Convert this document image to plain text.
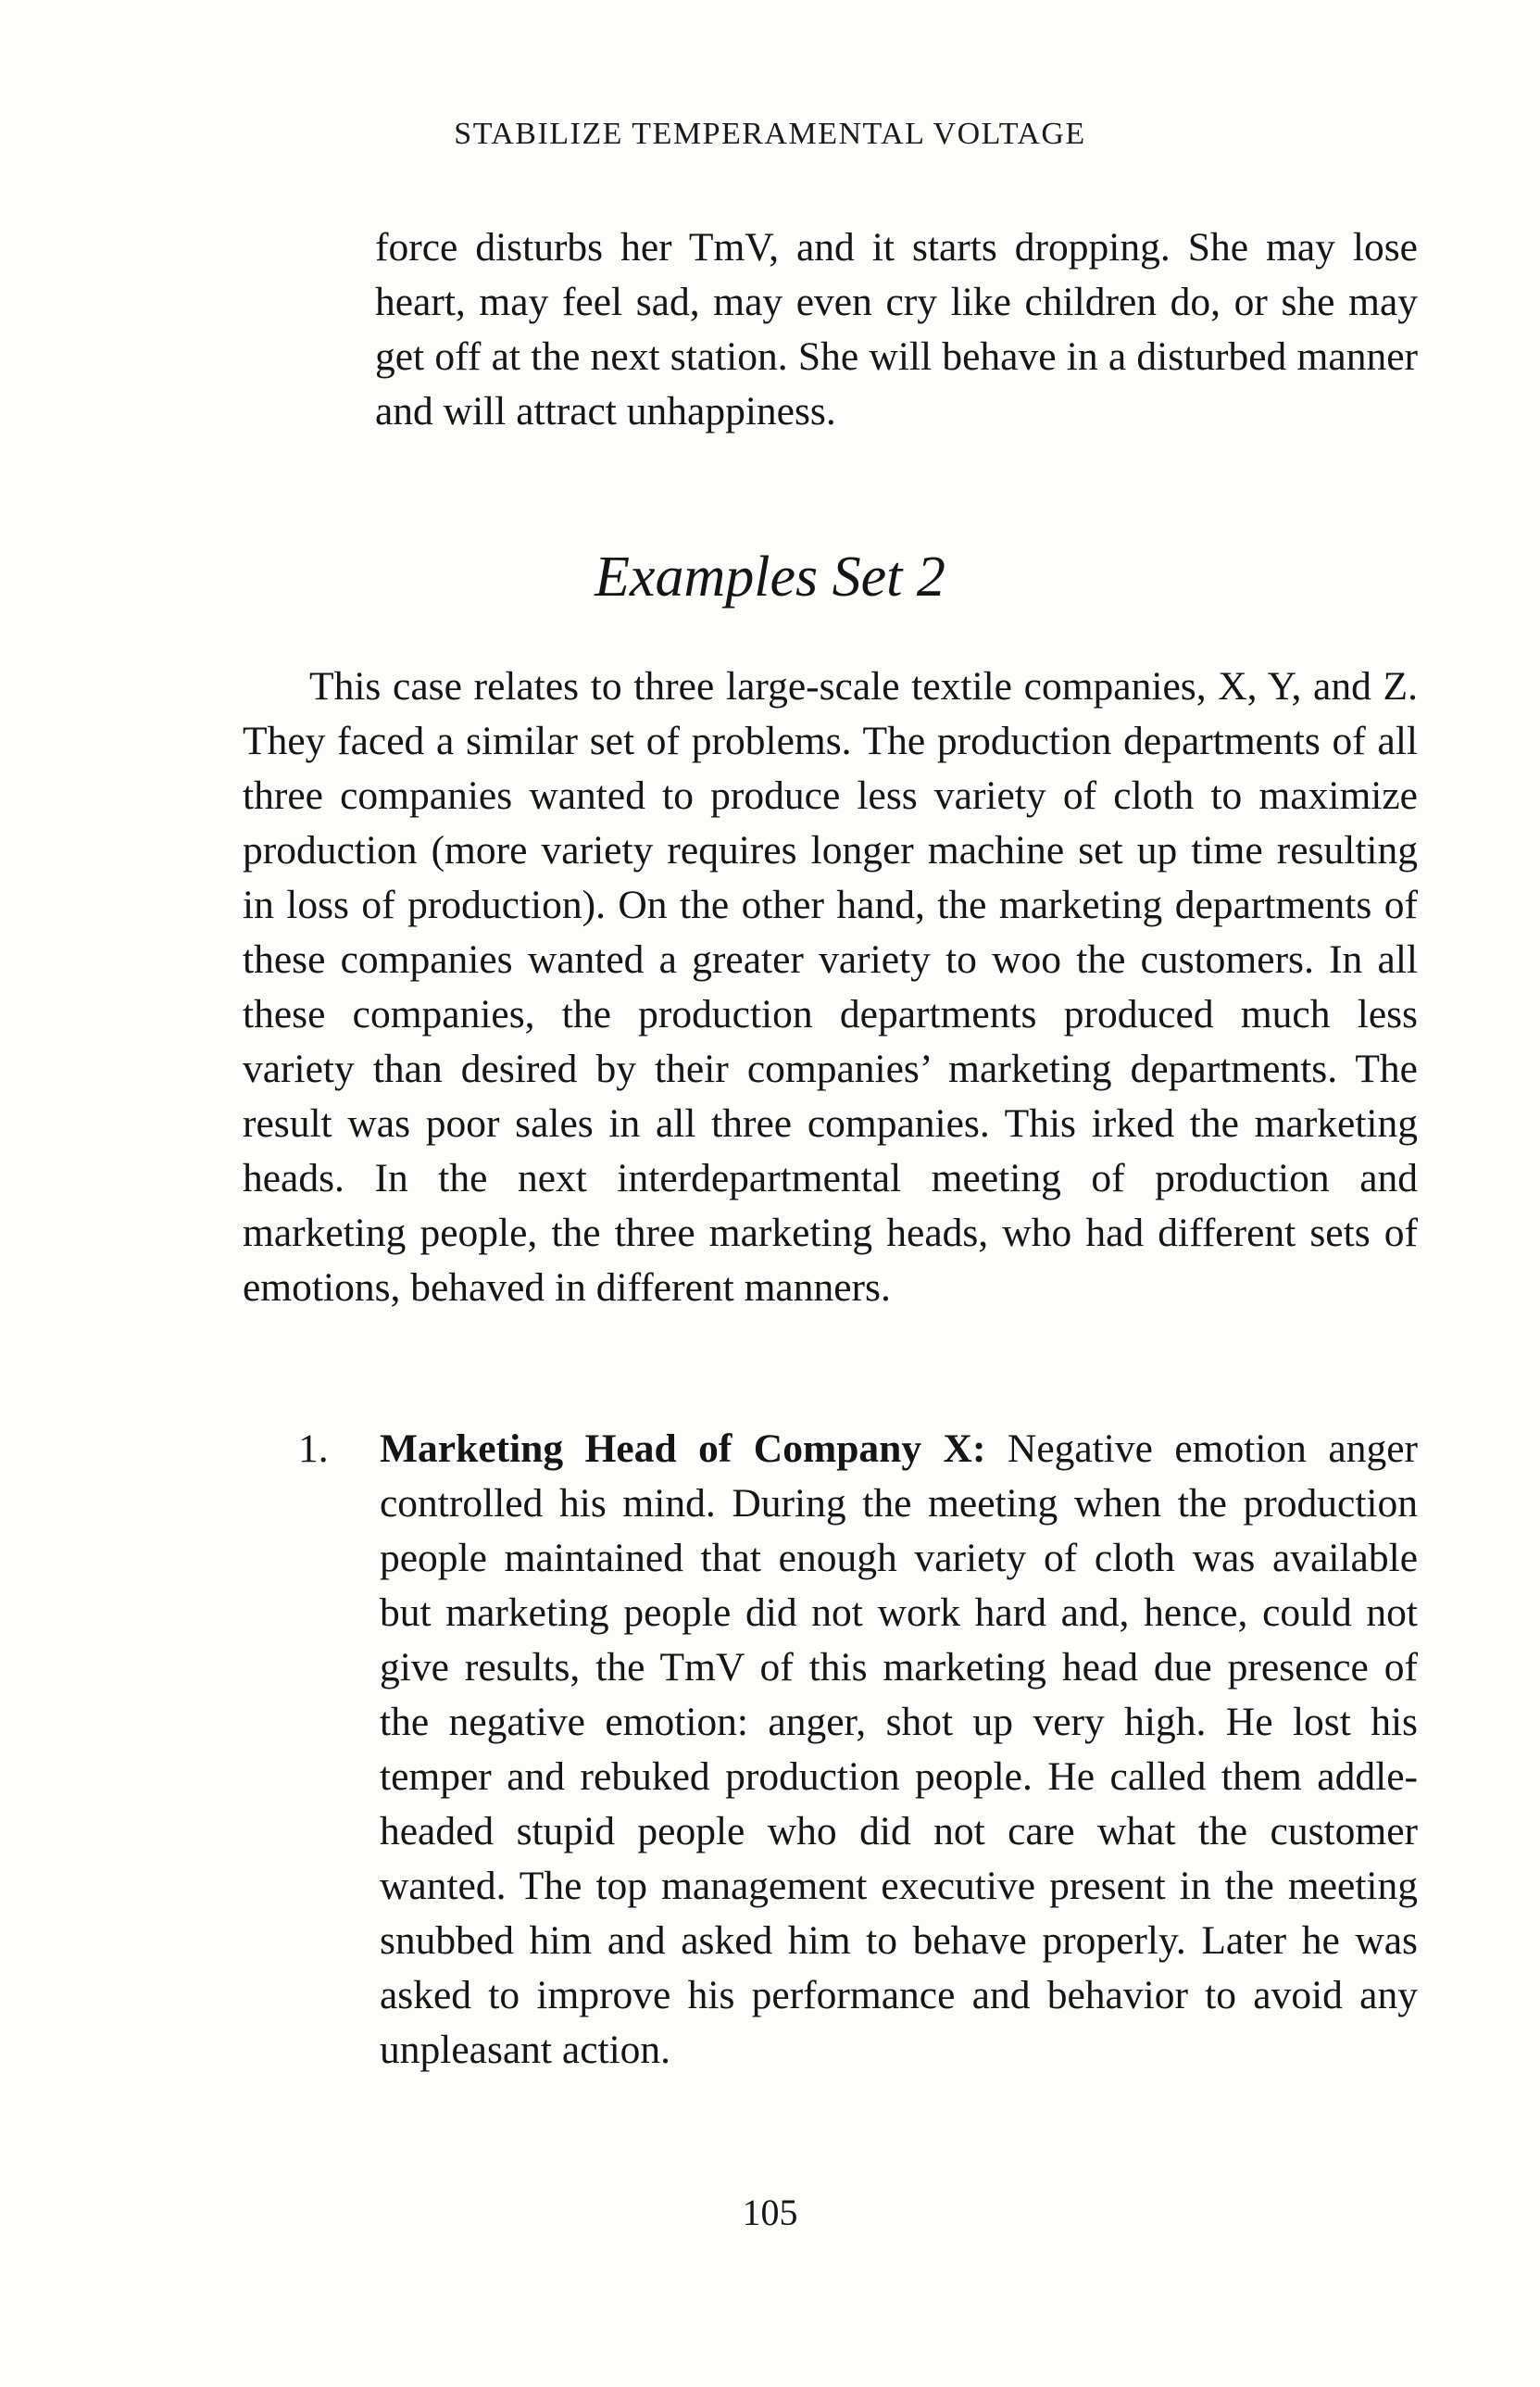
STABILIZE TEMPERAMENTAL VOLTAGE

force disturbs her TmV, and it starts dropping. She may lose heart, may feel sad, may even cry like children do, or she may get off at the next station. She will behave in a disturbed manner and will attract unhappiness.

Examples Set 2

This case relates to three large-scale textile companies, X, Y, and Z. They faced a similar set of problems. The production departments of all three companies wanted to produce less variety of cloth to maximize production (more variety requires longer machine set up time resulting in loss of production). On the other hand, the marketing departments of these companies wanted a greater variety to woo the customers. In all these companies, the production departments produced much less variety than desired by their companies’ marketing departments. The result was poor sales in all three companies. This irked the marketing heads. In the next interdepartmental meeting of production and marketing people, the three marketing heads, who had different sets of emotions, behaved in different manners.

1. Marketing Head of Company X: Negative emotion anger controlled his mind. During the meeting when the production people maintained that enough variety of cloth was available but marketing people did not work hard and, hence, could not give results, the TmV of this marketing head due presence of the negative emotion: anger, shot up very high. He lost his temper and rebuked production people. He called them addle-headed stupid people who did not care what the customer wanted. The top management executive present in the meeting snubbed him and asked him to behave properly. Later he was asked to improve his performance and behavior to avoid any unpleasant action.

105
